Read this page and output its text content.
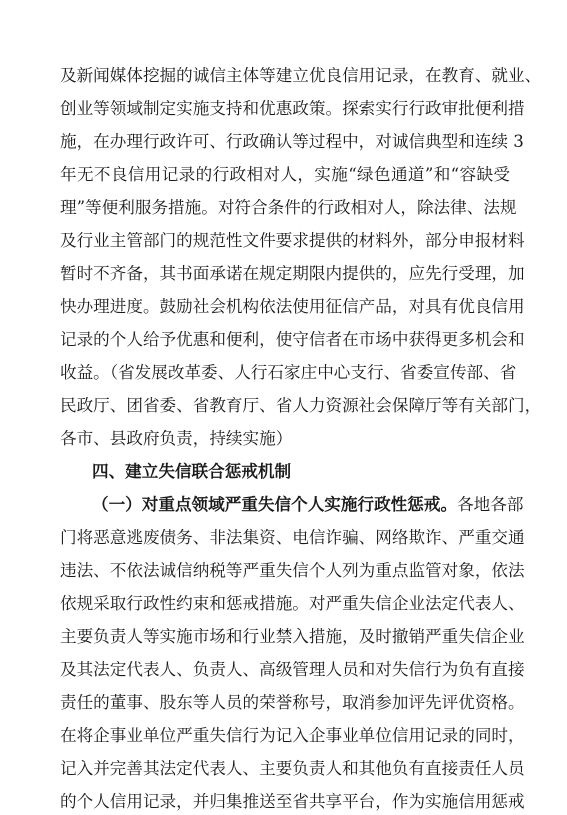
及新闻媒体挖掘的诚信主体等建立优良信用记录，在教育、就业、
创业等领域制定实施支持和优惠政策。探索实行行政审批便利措
施，在办理行政许可、行政确认等过程中，对诚信典型和连续 3
年无不良信用记录的行政相对人，实施“绿色通道”和“容缺受
理”等便利服务措施。对符合条件的行政相对人，除法律、法规
及行业主管部门的规范性文件要求提供的材料外，部分申报材料
暂时不齐备，其书面承诺在规定期限内提供的，应先行受理，加
快办理进度。鼓励社会机构依法使用征信产品，对具有优良信用
记录的个人给予优惠和便利，使守信者在市场中获得更多机会和
收益。（省发展改革委、人行石家庄中心支行、省委宣传部、省
民政厅、团省委、省教育厅、省人力资源社会保障厅等有关部门，
各市、县政府负责，持续实施）
四、建立失信联合惩戒机制
（一）对重点领域严重失信个人实施行政性惩戒。各地各部
门将恶意逃废债务、非法集资、电信诈骗、网络欺诈、严重交通
违法、不依法诚信纳税等严重失信个人列为重点监管对象，依法
依规采取行政性约束和惩戒措施。对严重失信企业法定代表人、
主要负责人等实施市场和行业禁入措施，及时撤销严重失信企业
及其法定代表人、负责人、高级管理人员和对失信行为负有直接
责任的董事、股东等人员的荣誉称号，取消参加评先评优资格。
在将企事业单位严重失信行为记入企事业单位信用记录的同时，
记入并完善其法定代表人、主要负责人和其他负有直接责任人员
的个人信用记录，并归集推送至省共享平台，作为实施信用惩戒
